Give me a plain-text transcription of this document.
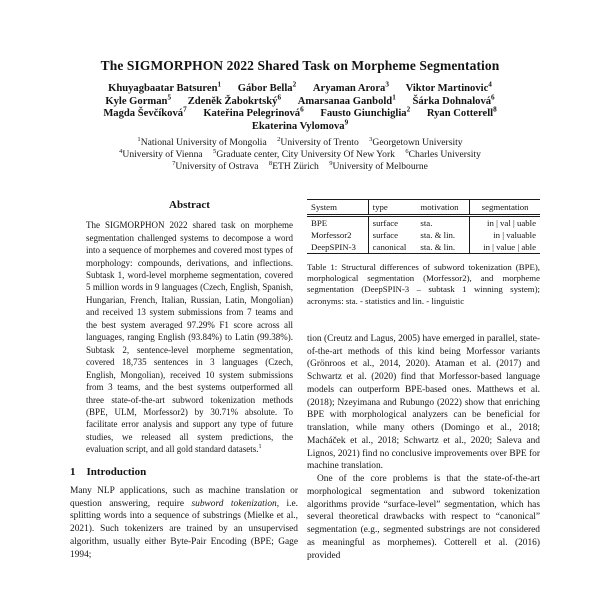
The SIGMORPHON 2022 Shared Task on Morpheme Segmentation
Khuyagbaatar Batsuren$^1$ Gábor Bella$^2$ Aryaman Arora$^3$ Viktor Martinovic$^4$
Kyle Gorman$^5$ Zdeněk Žabokrtský$^6$ Amarsanaa Ganbold$^1$ Šárka Dohnalová$^6$
Magda Ševčíková$^7$ Kateřina Pelegrinová$^6$ Fausto Giunchiglia$^2$ Ryan Cotterell$^8$
Ekaterina Vylomova$^9$
$^1$National University of Mongolia $^2$University of Trento $^3$Georgetown University
$^4$University of Vienna $^5$Graduate center, City University Of New York $^6$Charles University
$^7$University of Ostrava $^8$ETH Zürich $^9$University of Melbourne
Abstract

The SIGMORPHON 2022 shared task on morpheme segmentation challenged systems to decompose a word into a sequence of morphemes and covered most types of morphology: compounds, derivations, and inflections. Subtask 1, word-level morpheme segmentation, covered 5 million words in 9 languages (Czech, English, Spanish, Hungarian, French, Italian, Russian, Latin, Mongolian) and received 13 system submissions from 7 teams and the best system averaged 97.29% F1 score across all languages, ranging English (93.84%) to Latin (99.38%). Subtask 2, sentence-level morpheme segmentation, covered 18,735 sentences in 3 languages (Czech, English, Mongolian), received 10 system submissions from 3 teams, and the best systems outperformed all three state-of-the-art subword tokenization methods (BPE, ULM, Morfessor2) by 30.71% absolute. To facilitate error analysis and support any type of future studies, we released all system predictions, the evaluation script, and all gold standard datasets.$^1$

1 Introduction

Many NLP applications, such as machine translation or question answering, require subword tokenization, i.e. splitting words into a sequence of substrings (Mielke et al., 2021). Such tokenizers are trained by an unsupervised algorithm, usually either Byte-Pair Encoding (BPE; Gage 1994;

System	type	motivation	segmentation
BPE	surface	sta.	in | val | uable
Morfessor2	surface	sta. & lin.	in | valuable
DeepSPIN-3	canonical	sta. & lin.	in | value | able
Table 1: Structural differences of subword tokenization (BPE), morphological segmentation (Morfessor2), and morpheme segmentation (DeepSPIN-3 – subtask 1 winning system); acronyms: sta. - statistics and lin. - linguistic

tion (Creutz and Lagus, 2005) have emerged in parallel, state-of-the-art methods of this kind being Morfessor variants (Grönroos et al., 2014, 2020). Ataman et al. (2017) and Schwartz et al. (2020) find that Morfessor-based language models can outperform BPE-based ones. Matthews et al. (2018); Nzeyimana and Rubungo (2022) show that enriching BPE with morphological analyzers can be beneficial for translation, while many others (Domingo et al., 2018; Macháček et al., 2018; Schwartz et al., 2020; Saleva and Lignos, 2021) find no conclusive improvements over BPE for machine translation.

One of the core problems is that the state-of-the-art morphological segmentation and subword tokenization algorithms provide “surface-level” segmentation, which has several theoretical drawbacks with respect to “canonical” segmentation (e.g., segmented substrings are not considered as meaningful as morphemes). Cotterell et al. (2016) provided
